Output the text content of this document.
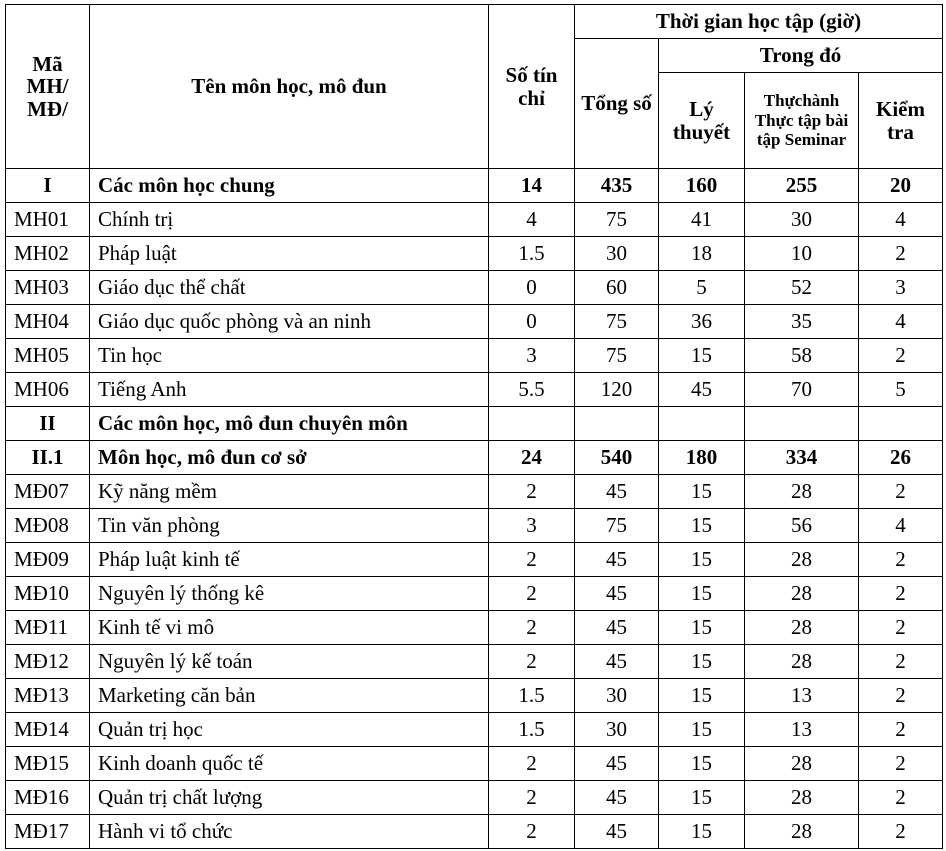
Mã MH/ MĐ/	Tên môn học, mô đun	Số tín chỉ	Thời gian học tập (giờ)			
			Tổng số	Trong đó		
				Lý thuyết	Thựchành Thực tập bài tập Seminar	Kiểm tra
I	Các môn học chung	14	435	160	255	20
MH01	Chính trị	4	75	41	30	4
MH02	Pháp luật	1.5	30	18	10	2
MH03	Giáo dục thể chất	0	60	5	52	3
MH04	Giáo dục quốc phòng và an ninh	0	75	36	35	4
MH05	Tin học	3	75	15	58	2
MH06	Tiếng Anh	5.5	120	45	70	5
II	Các môn học, mô đun chuyên môn					
II.1	Môn học, mô đun cơ sở	24	540	180	334	26
MĐ07	Kỹ năng mềm	2	45	15	28	2
MĐ08	Tin văn phòng	3	75	15	56	4
MĐ09	Pháp luật kinh tế	2	45	15	28	2
MĐ10	Nguyên lý thống kê	2	45	15	28	2
MĐ11	Kinh tế vi mô	2	45	15	28	2
MĐ12	Nguyên lý kế toán	2	45	15	28	2
MĐ13	Marketing căn bản	1.5	30	15	13	2
MĐ14	Quản trị học	1.5	30	15	13	2
MĐ15	Kinh doanh quốc tế	2	45	15	28	2
MĐ16	Quản trị chất lượng	2	45	15	28	2
MĐ17	Hành vi tổ chức	2	45	15	28	2
